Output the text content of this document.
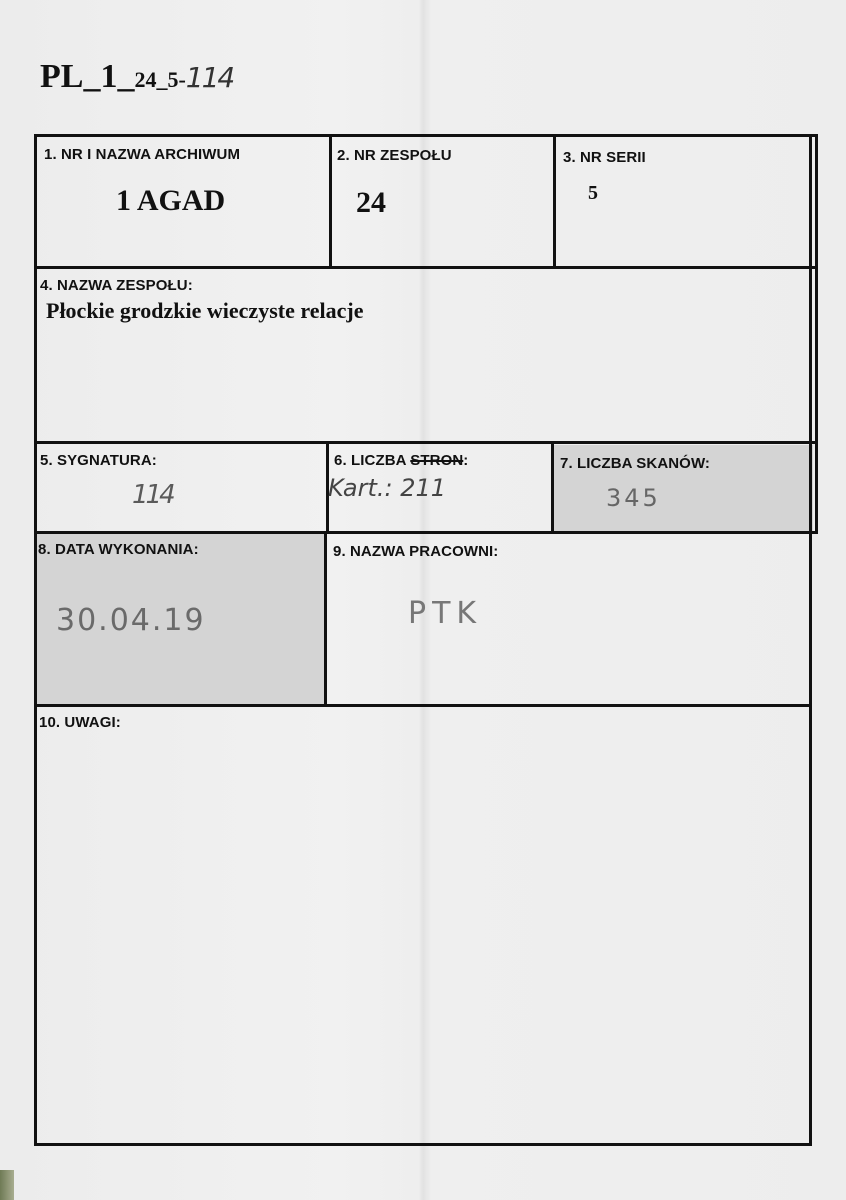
PL_1_24_5-114
1. NR I NAZWA ARCHIWUM
1 AGAD
2. NR ZESPOŁU
24
3. NR SERII
5
4. NAZWA ZESPOŁU:
Płockie grodzkie wieczyste relacje
5. SYGNATURA:
114
6. LICZBA STRON:
Kart.: 211
7. LICZBA SKANÓW:
345
8. DATA WYKONANIA:
30.04.19
9. NAZWA PRACOWNI:
PTK
10. UWAGI:
